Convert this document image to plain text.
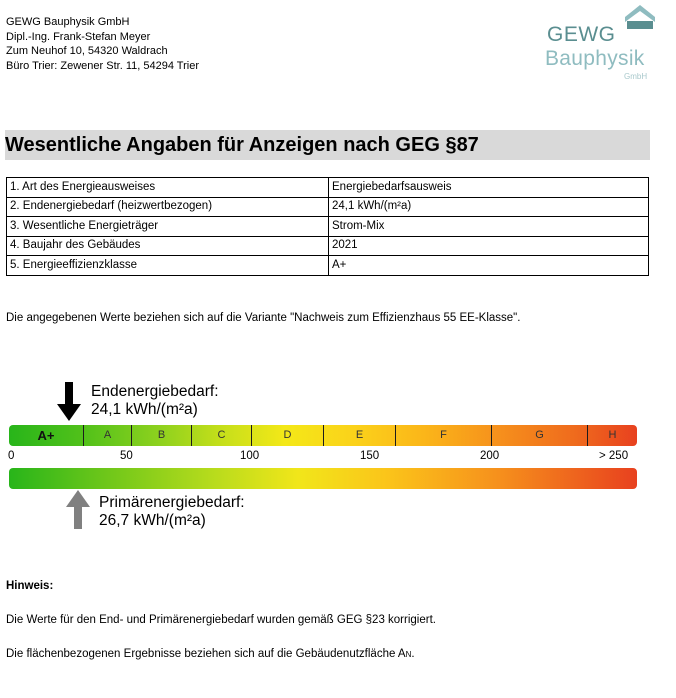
GEWG Bauphysik GmbH
Dipl.-Ing. Frank-Stefan Meyer
Zum Neuhof 10, 54320 Waldrach
Büro Trier: Zewener Str. 11, 54294 Trier
GEWG
Bauphysik
GmbH
Wesentliche Angaben für Anzeigen nach GEG §87
1. Art des Energieausweises	Energiebedarfsausweis
2. Endenergiebedarf (heizwertbezogen)	24,1 kWh/(m²a)
3. Wesentliche Energieträger	Strom-Mix
4. Baujahr des Gebäudes	2021
5. Energieeffizienzklasse	A+
Die angegebenen Werte beziehen sich auf die Variante "Nachweis zum Effizienzhaus 55 EE-Klasse".
Endenergiebedarf:
24,1 kWh/(m²a)
A+	A	B	C	D	E	F	G	H
0	50	100	150	200	> 250
Primärenergiebedarf:
26,7 kWh/(m²a)
Hinweis:
Die Werte für den End- und Primärenergiebedarf wurden gemäß GEG §23 korrigiert.
Die flächenbezogenen Ergebnisse beziehen sich auf die Gebäudenutzfläche AN.
